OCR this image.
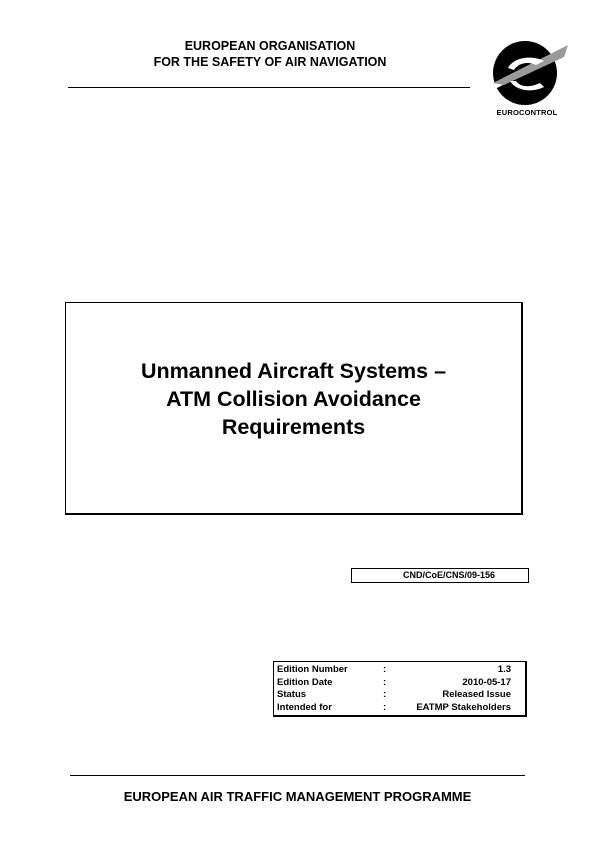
EUROPEAN ORGANISATION
FOR THE SAFETY OF AIR NAVIGATION
EUROCONTROL
Unmanned Aircraft Systems –
ATM Collision Avoidance
Requirements
CND/CoE/CNS/09-156
Edition Number	:	1.3
Edition Date	:	2010-05-17
Status	:	Released Issue
Intended for	:	EATMP Stakeholders
EUROPEAN AIR TRAFFIC MANAGEMENT PROGRAMME
